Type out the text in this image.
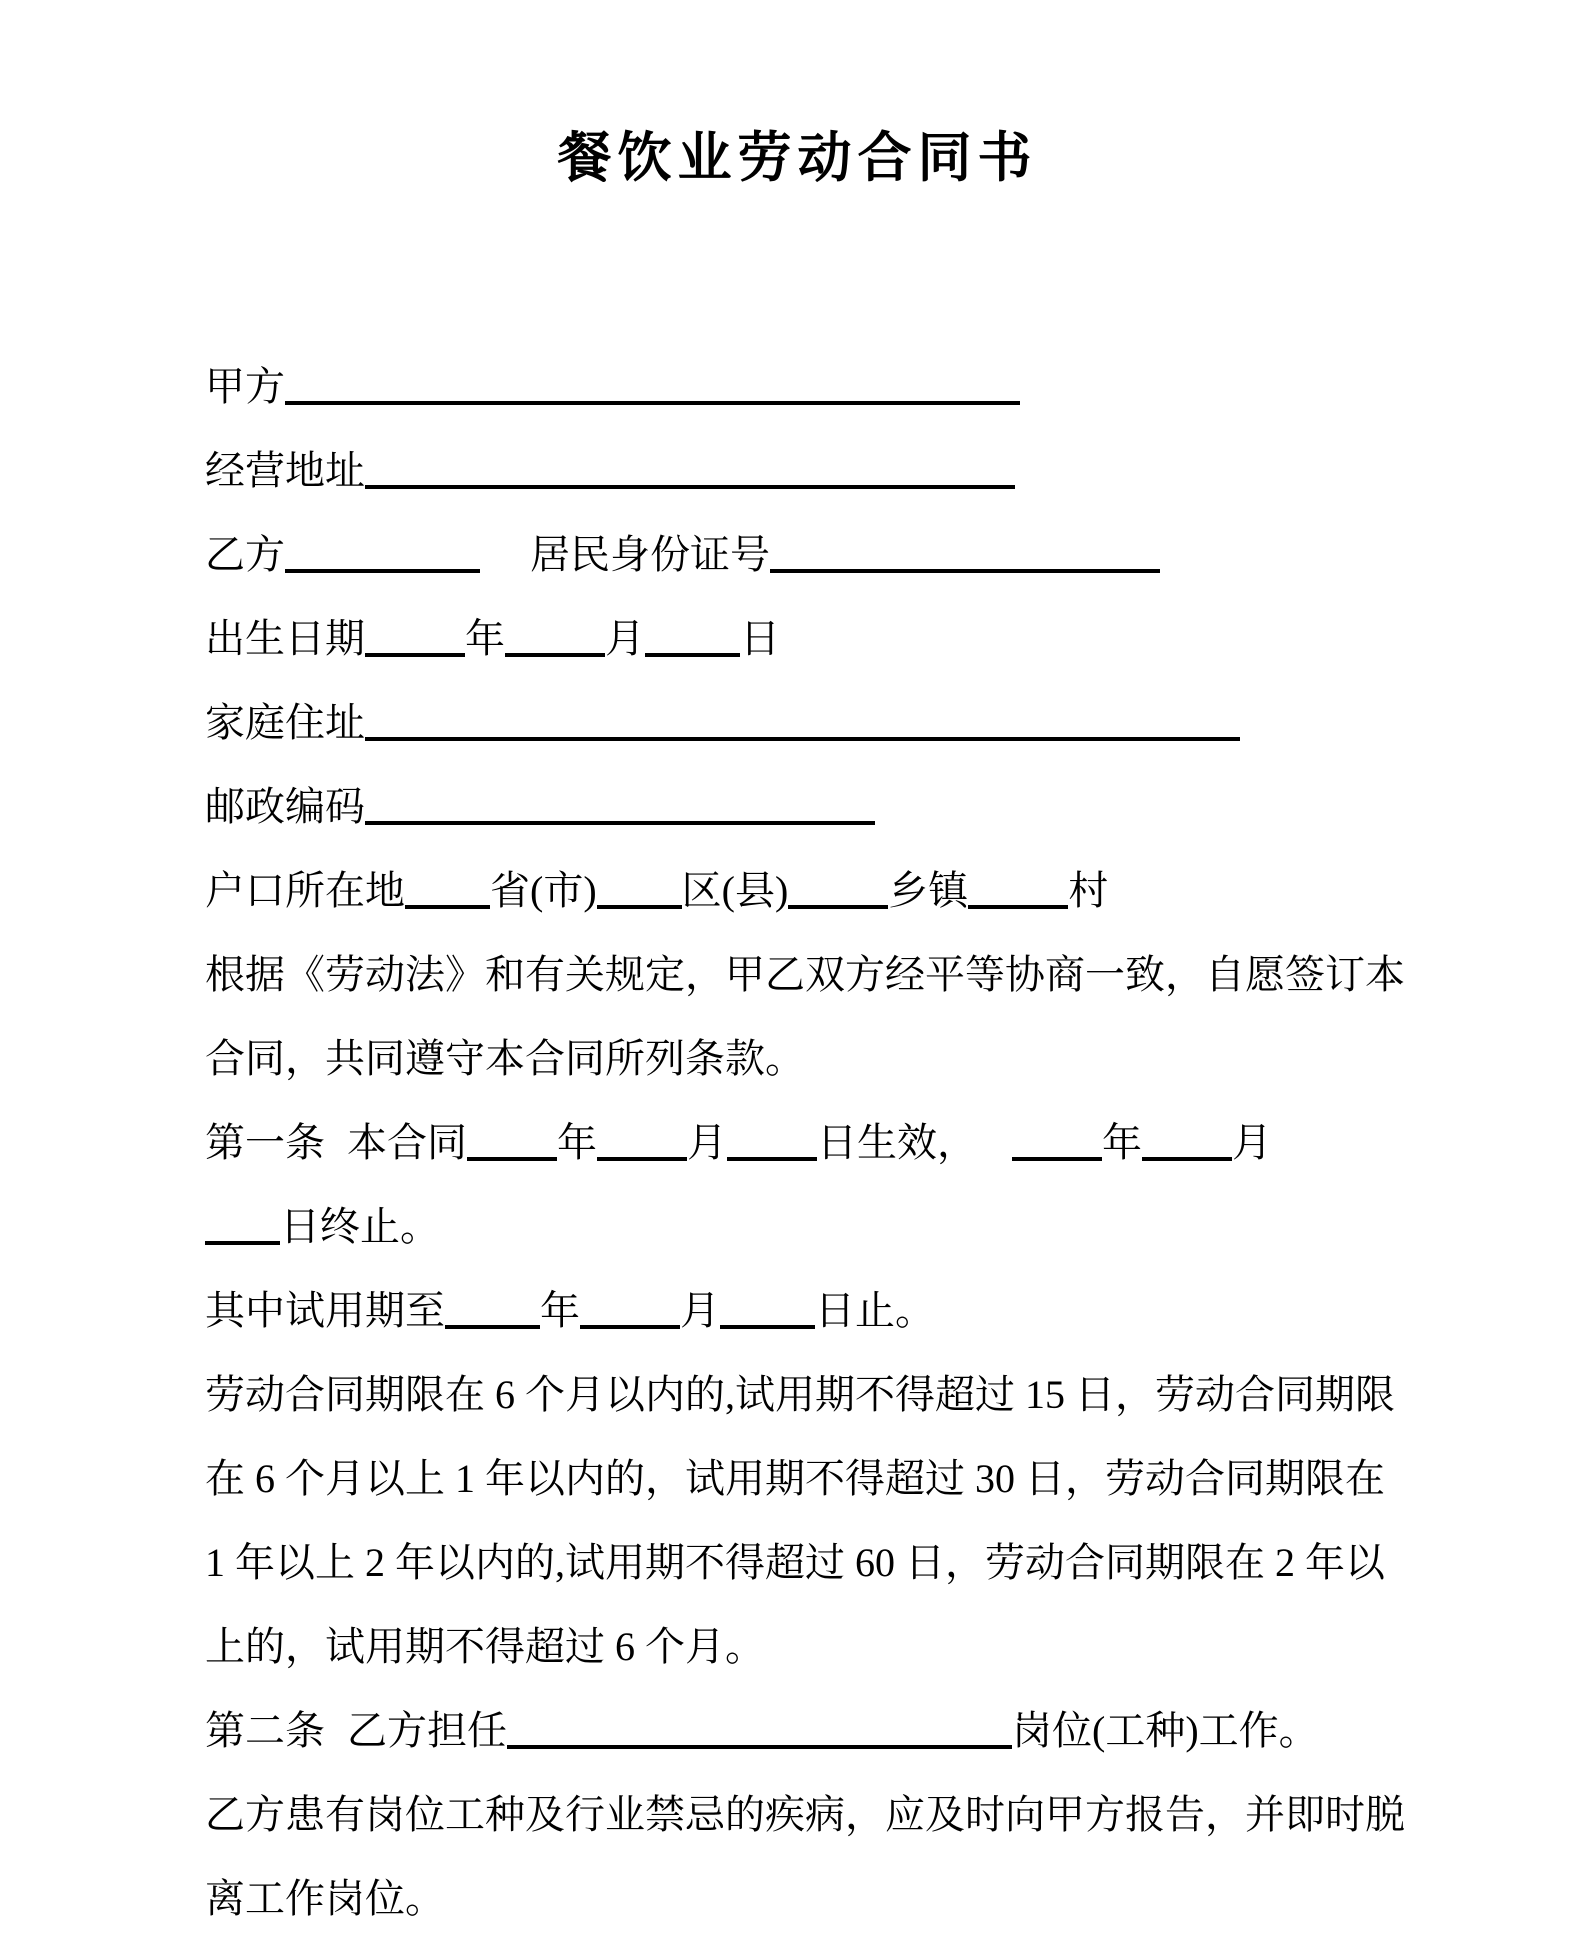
餐饮业劳动合同书
甲方
经营地址
乙方	居民身份证号
出生日期	年	月 日
家庭住址
邮政编码
户口所在地 省(市) 区(县)	乡镇	村
根据《劳动法》和有关规定，甲乙双方经平等协商一致，自愿签订本
合同，共同遵守本合同所列条款。
第一条 本合同 年 月 日生效，	年 月
日终止。
其中试用期至 年	月 日止。
劳动合同期限在 6 个月以内的,试用期不得超过 15 日，劳动合同期限
在 6 个月以上 1 年以内的，试用期不得超过 30 日，劳动合同期限在
1 年以上 2 年以内的,试用期不得超过 60 日，劳动合同期限在 2 年以
上的，试用期不得超过 6 个月。
第二条 乙方担任	岗位(工种)工作。
乙方患有岗位工种及行业禁忌的疾病，应及时向甲方报告，并即时脱
离工作岗位。
